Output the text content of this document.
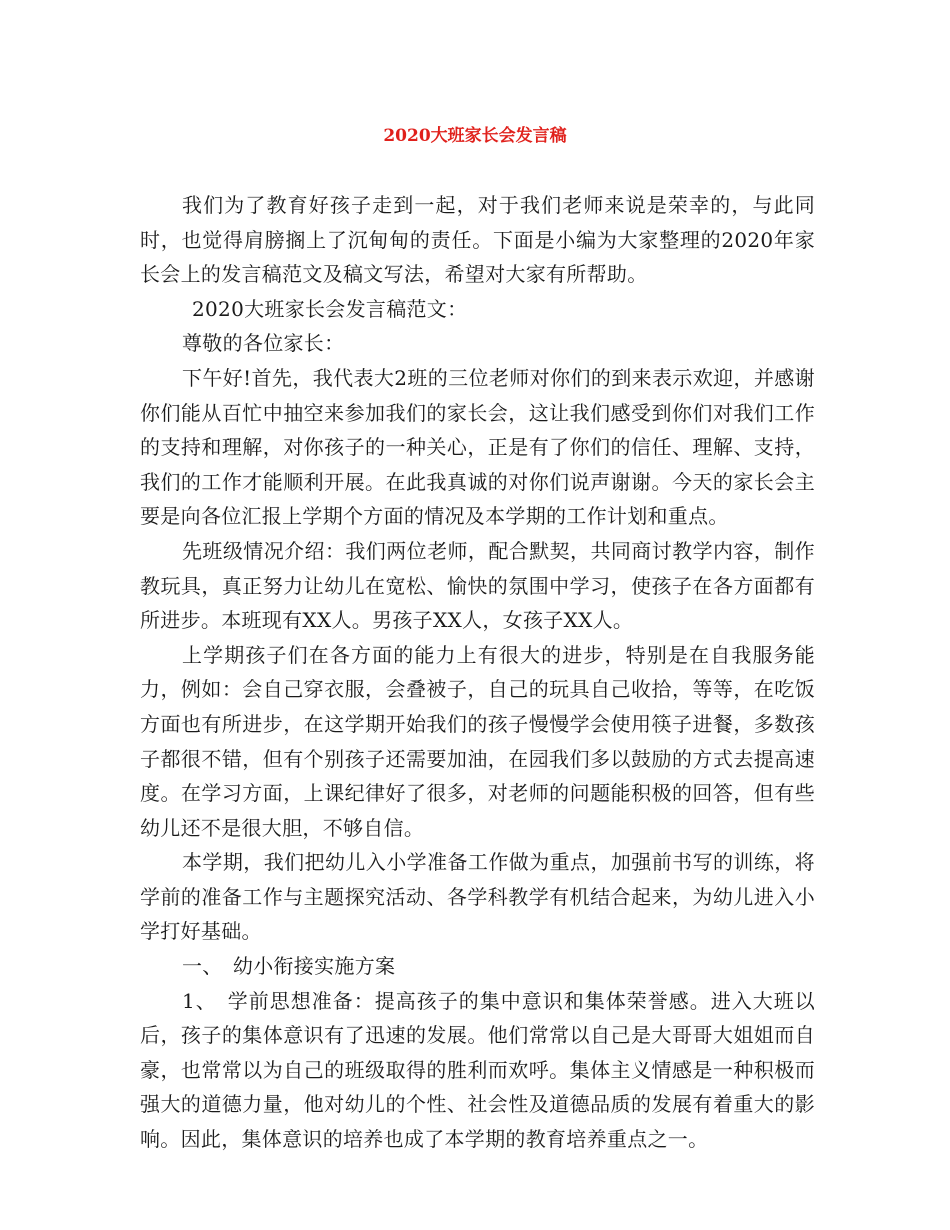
2020大班家长会发言稿

我们为了教育好孩子走到一起，对于我们老师来说是荣幸的，与此同时，也觉得肩膀搁上了沉甸甸的责任。下面是小编为大家整理的2020年家长会上的发言稿范文及稿文写法，希望对大家有所帮助。

2020大班家长会发言稿范文：

尊敬的各位家长：

下午好!首先，我代表大2班的三位老师对你们的到来表示欢迎，并感谢你们能从百忙中抽空来参加我们的家长会，这让我们感受到你们对我们工作的支持和理解，对你孩子的一种关心，正是有了你们的信任、理解、支持，我们的工作才能顺利开展。在此我真诚的对你们说声谢谢。今天的家长会主要是向各位汇报上学期个方面的情况及本学期的工作计划和重点。

先班级情况介绍：我们两位老师，配合默契，共同商讨教学内容，制作教玩具，真正努力让幼儿在宽松、愉快的氛围中学习，使孩子在各方面都有所进步。本班现有XX人。男孩子XX人，女孩子XX人。

上学期孩子们在各方面的能力上有很大的进步，特别是在自我服务能力，例如：会自己穿衣服，会叠被子，自己的玩具自己收拾，等等，在吃饭方面也有所进步，在这学期开始我们的孩子慢慢学会使用筷子进餐，多数孩子都很不错，但有个别孩子还需要加油，在园我们多以鼓励的方式去提高速度。在学习方面，上课纪律好了很多，对老师的问题能积极的回答，但有些幼儿还不是很大胆，不够自信。

本学期，我们把幼儿入小学准备工作做为重点，加强前书写的训练，将学前的准备工作与主题探究活动、各学科教学有机结合起来，为幼儿进入小学打好基础。

一、　幼小衔接实施方案

1、　学前思想准备：提高孩子的集中意识和集体荣誉感。进入大班以后，孩子的集体意识有了迅速的发展。他们常常以自己是大哥哥大姐姐而自豪，也常常以为自己的班级取得的胜利而欢呼。集体主义情感是一种积极而强大的道德力量，他对幼儿的个性、社会性及道德品质的发展有着重大的影响。因此，集体意识的培养也成了本学期的教育培养重点之一。
